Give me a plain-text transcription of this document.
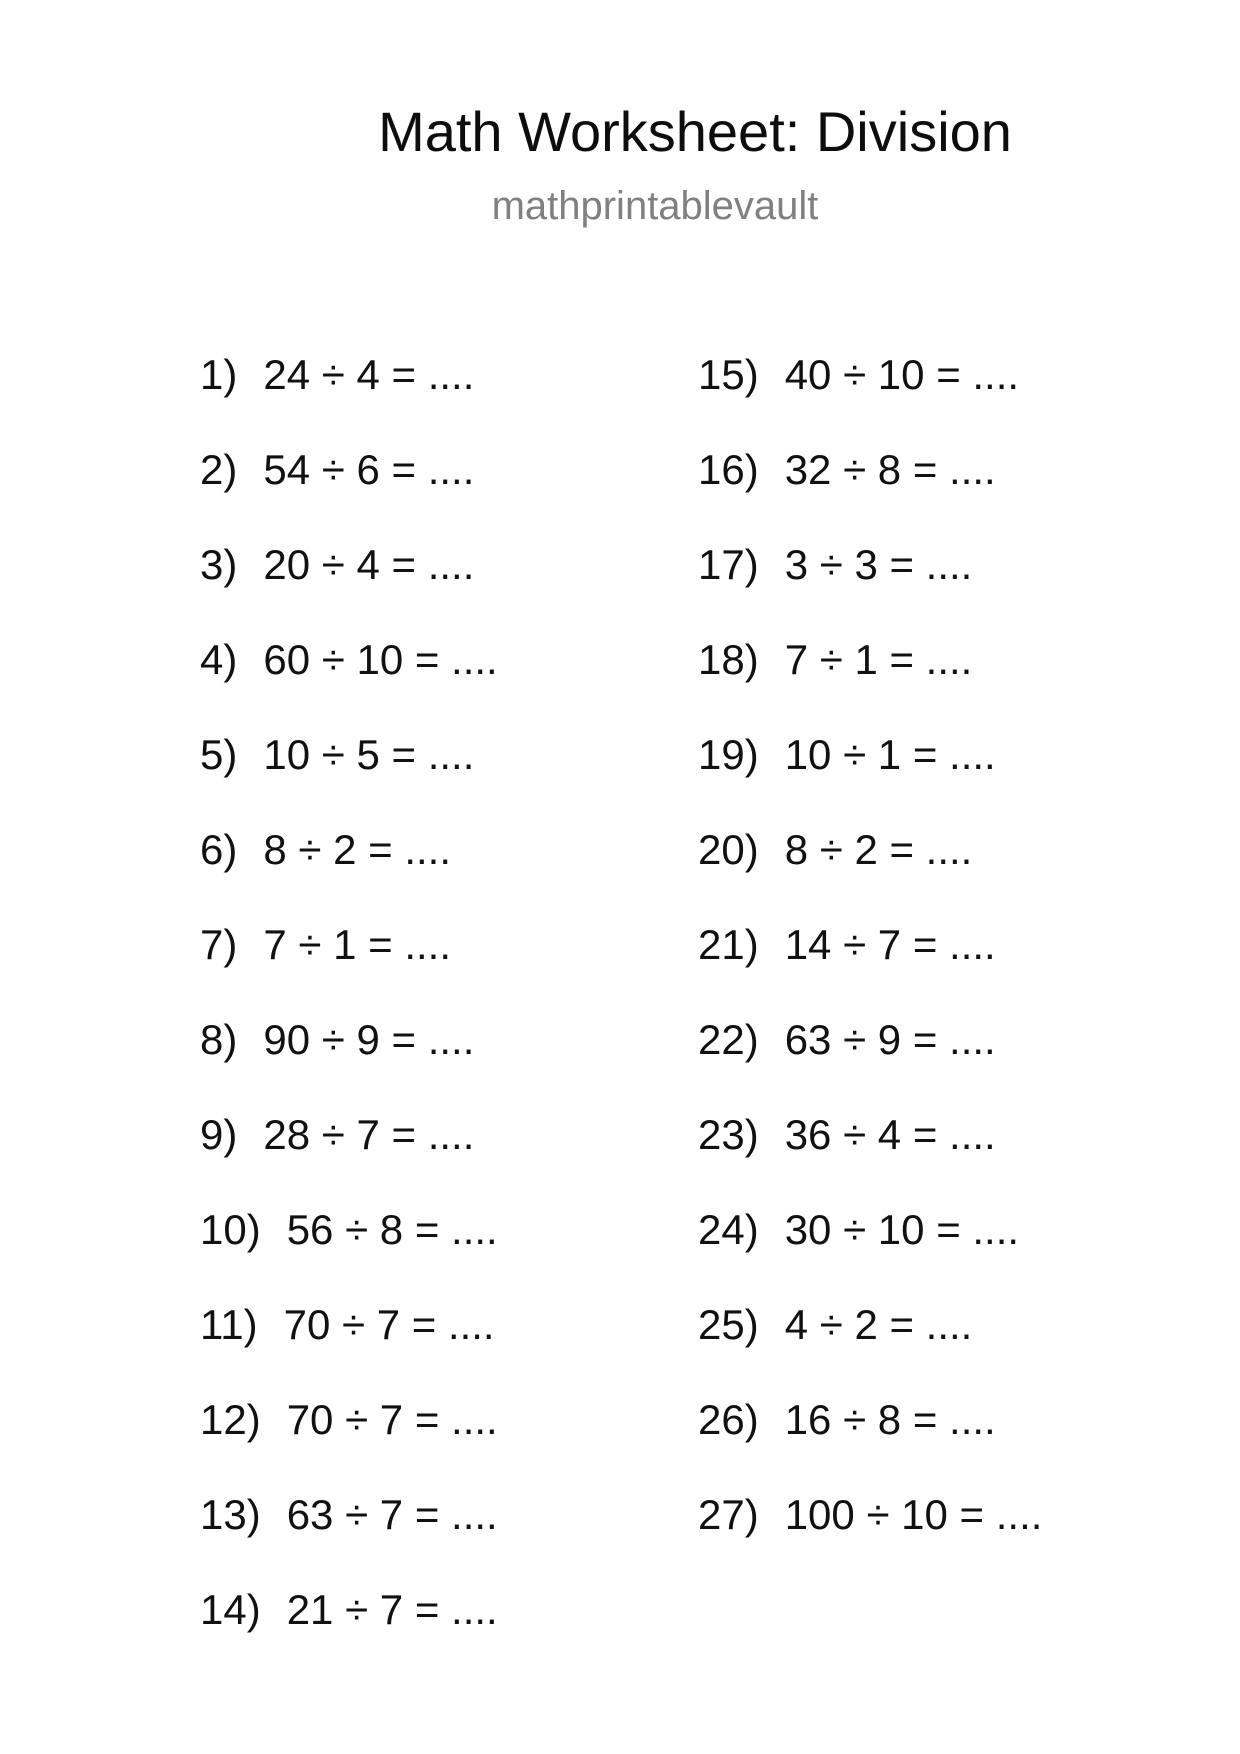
Math Worksheet: Division
mathprintablevault
1) 24 ÷ 4 = ....
2) 54 ÷ 6 = ....
3) 20 ÷ 4 = ....
4) 60 ÷ 10 = ....
5) 10 ÷ 5 = ....
6) 8 ÷ 2 = ....
7) 7 ÷ 1 = ....
8) 90 ÷ 9 = ....
9) 28 ÷ 7 = ....
10) 56 ÷ 8 = ....
11) 70 ÷ 7 = ....
12) 70 ÷ 7 = ....
13) 63 ÷ 7 = ....
14) 21 ÷ 7 = ....
15) 40 ÷ 10 = ....
16) 32 ÷ 8 = ....
17) 3 ÷ 3 = ....
18) 7 ÷ 1 = ....
19) 10 ÷ 1 = ....
20) 8 ÷ 2 = ....
21) 14 ÷ 7 = ....
22) 63 ÷ 9 = ....
23) 36 ÷ 4 = ....
24) 30 ÷ 10 = ....
25) 4 ÷ 2 = ....
26) 16 ÷ 8 = ....
27) 100 ÷ 10 = ....
